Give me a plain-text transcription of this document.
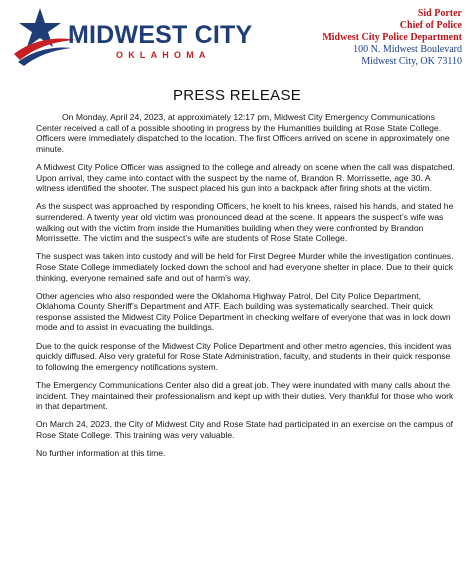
MIDWEST CITY
OKLAHOMA
Sid Porter
Chief of Police
Midwest City Police Department
100 N. Midwest Boulevard
Midwest City, OK 73110
PRESS RELEASE

On Monday, April 24, 2023, at approximately 12:17 pm, Midwest City Emergency Communications Center received a call of a possible shooting in progress by the Humanities building at Rose State College. Officers were immediately dispatched to the location. The first Officers arrived on scene in approximately one minute.

A Midwest City Police Officer was assigned to the college and already on scene when the call was dispatched. Upon arrival, they came into contact with the suspect by the name of, Brandon R. Morrissette, age 30. A witness identified the shooter. The suspect placed his gun into a backpack after firing shots at the victim.

As the suspect was approached by responding Officers, he knelt to his knees, raised his hands, and stated he surrendered. A twenty year old victim was pronounced dead at the scene. It appears the suspect’s wife was walking out with the victim from inside the Humanities building when they were confronted by Brandon Morrissette. The victim and the suspect’s wife are students of Rose State College.

The suspect was taken into custody and will be held for First Degree Murder while the investigation continues. Rose State College immediately locked down the school and had everyone shelter in place. Due to their quick thinking, everyone remained safe and out of harm’s way.

Other agencies who also responded were the Oklahoma Highway Patrol, Del City Police Department, Oklahoma County Sheriff’s Department and ATF. Each building was systematically searched. Their quick response assisted the Midwest City Police Department in checking welfare of everyone that was in lock down mode and to assist in evacuating the buildings.

Due to the quick response of the Midwest City Police Department and other metro agencies, this incident was quickly diffused. Also very grateful for Rose State Administration, faculty, and students in their quick response to following the emergency notifications system.

The Emergency Communications Center also did a great job. They were inundated with many calls about the incident. They maintained their professionalism and kept up with their duties. Very thankful for those who work in that department.

On March 24, 2023, the City of Midwest City and Rose State had participated in an exercise on the campus of Rose State College. This training was very valuable.

No further information at this time.
